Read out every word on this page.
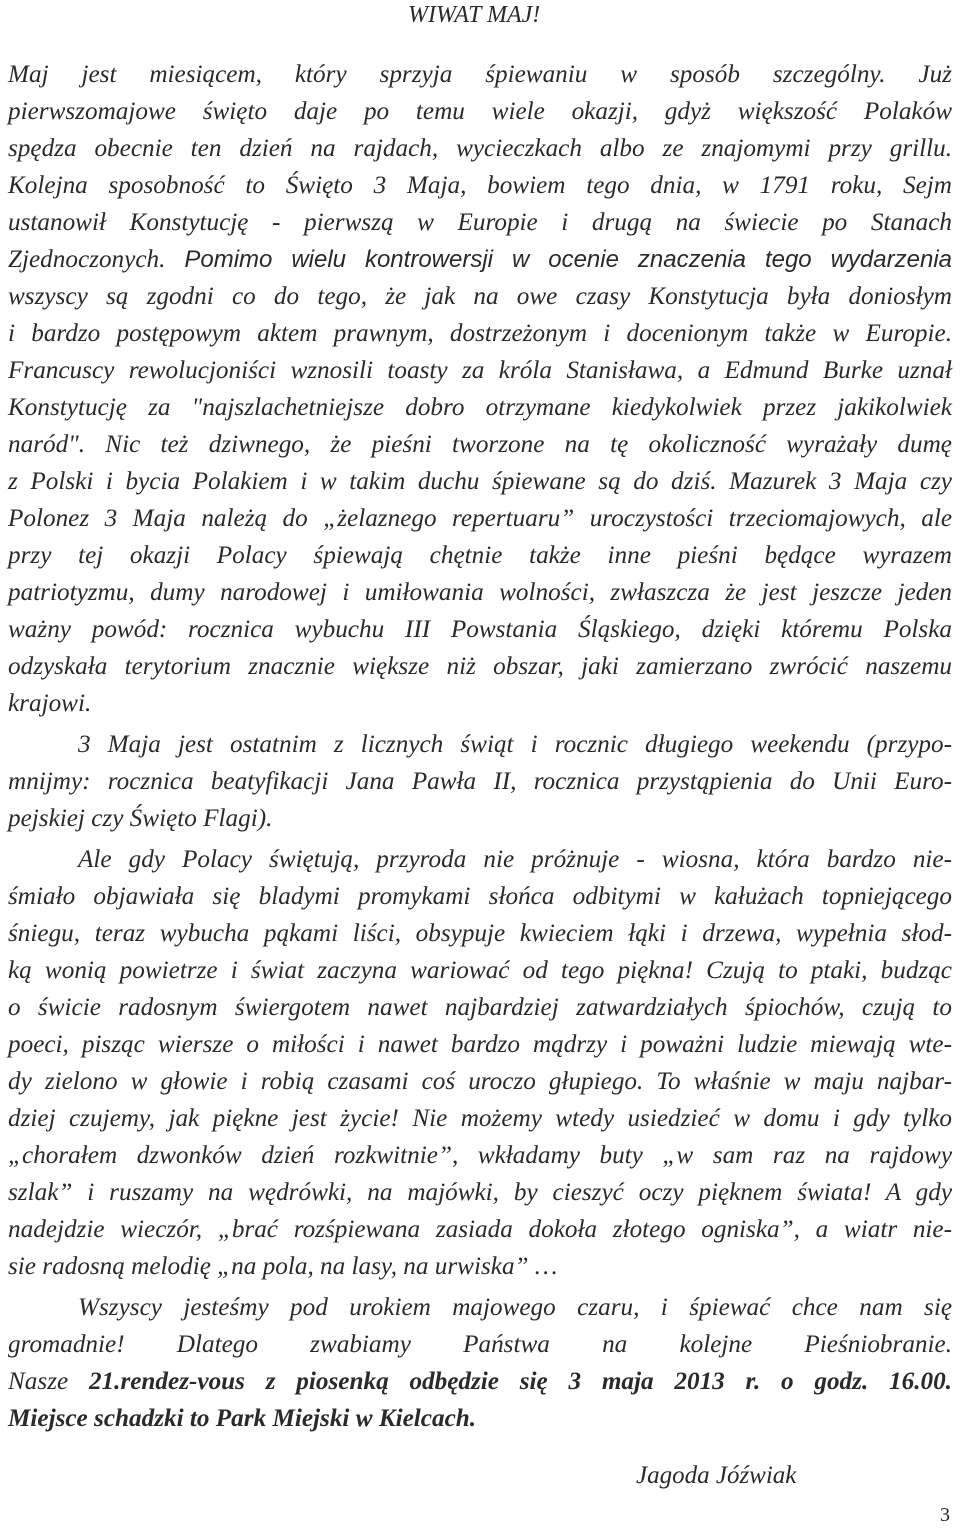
WIWAT MAJ!
Maj jest miesiącem, który sprzyja śpiewaniu w sposób szczególny. Już
pierwszomajowe święto daje po temu wiele okazji, gdyż większość Polaków
spędza obecnie ten dzień na rajdach, wycieczkach albo ze znajomymi przy grillu.
Kolejna sposobność to Święto 3 Maja, bowiem tego dnia, w 1791 roku, Sejm
ustanowił Konstytucję - pierwszą w Europie i drugą na świecie po Stanach
Zjednoczonych. Pomimo wielu kontrowersji w ocenie znaczenia tego wydarzenia
wszyscy są zgodni co do tego, że jak na owe czasy Konstytucja była doniosłym
i bardzo postępowym aktem prawnym, dostrzeżonym i docenionym także w Europie.
Francuscy rewolucjoniści wznosili toasty za króla Stanisława, a Edmund Burke uznał
Konstytucję za "najszlachetniejsze dobro otrzymane kiedykolwiek przez jakikolwiek
naród". Nic też dziwnego, że pieśni tworzone na tę okoliczność wyrażały dumę
z Polski i bycia Polakiem i w takim duchu śpiewane są do dziś. Mazurek 3 Maja czy
Polonez 3 Maja należą do „żelaznego repertuaru” uroczystości trzeciomajowych, ale
przy tej okazji Polacy śpiewają chętnie także inne pieśni będące wyrazem
patriotyzmu, dumy narodowej i umiłowania wolności, zwłaszcza że jest jeszcze jeden
ważny powód: rocznica wybuchu III Powstania Śląskiego, dzięki któremu Polska
odzyskała terytorium znacznie większe niż obszar, jaki zamierzano zwrócić naszemu
krajowi.
3 Maja jest ostatnim z licznych świąt i rocznic długiego weekendu (przypo-
mnijmy: rocznica beatyfikacji Jana Pawła II, rocznica przystąpienia do Unii Euro-
pejskiej czy Święto Flagi).
Ale gdy Polacy świętują, przyroda nie próżnuje - wiosna, która bardzo nie-
śmiało objawiała się bladymi promykami słońca odbitymi w kałużach topniejącego
śniegu, teraz wybucha pąkami liści, obsypuje kwieciem łąki i drzewa, wypełnia słod-
ką wonią powietrze i świat zaczyna wariować od tego piękna! Czują to ptaki, budząc
o świcie radosnym świergotem nawet najbardziej zatwardziałych śpiochów, czują to
poeci, pisząc wiersze o miłości i nawet bardzo mądrzy i poważni ludzie miewają wte-
dy zielono w głowie i robią czasami coś uroczo głupiego. To właśnie w maju najbar-
dziej czujemy, jak piękne jest życie! Nie możemy wtedy usiedzieć w domu i gdy tylko
„chorałem dzwonków dzień rozkwitnie”, wkładamy buty „w sam raz na rajdowy
szlak” i ruszamy na wędrówki, na majówki, by cieszyć oczy pięknem świata! A gdy
nadejdzie wieczór, „brać rozśpiewana zasiada dokoła złotego ogniska”, a wiatr nie-
sie radosną melodię „na pola, na lasy, na urwiska” …
Wszyscy jesteśmy pod urokiem majowego czaru, i śpiewać chce nam się
gromadnie! Dlatego zwabiamy Państwa na kolejne Pieśniobranie.
Nasze 21.rendez-vous z piosenką odbędzie się 3 maja 2013 r. o godz. 16.00.
Miejsce schadzki to Park Miejski w Kielcach.
Jagoda Jóźwiak
3
